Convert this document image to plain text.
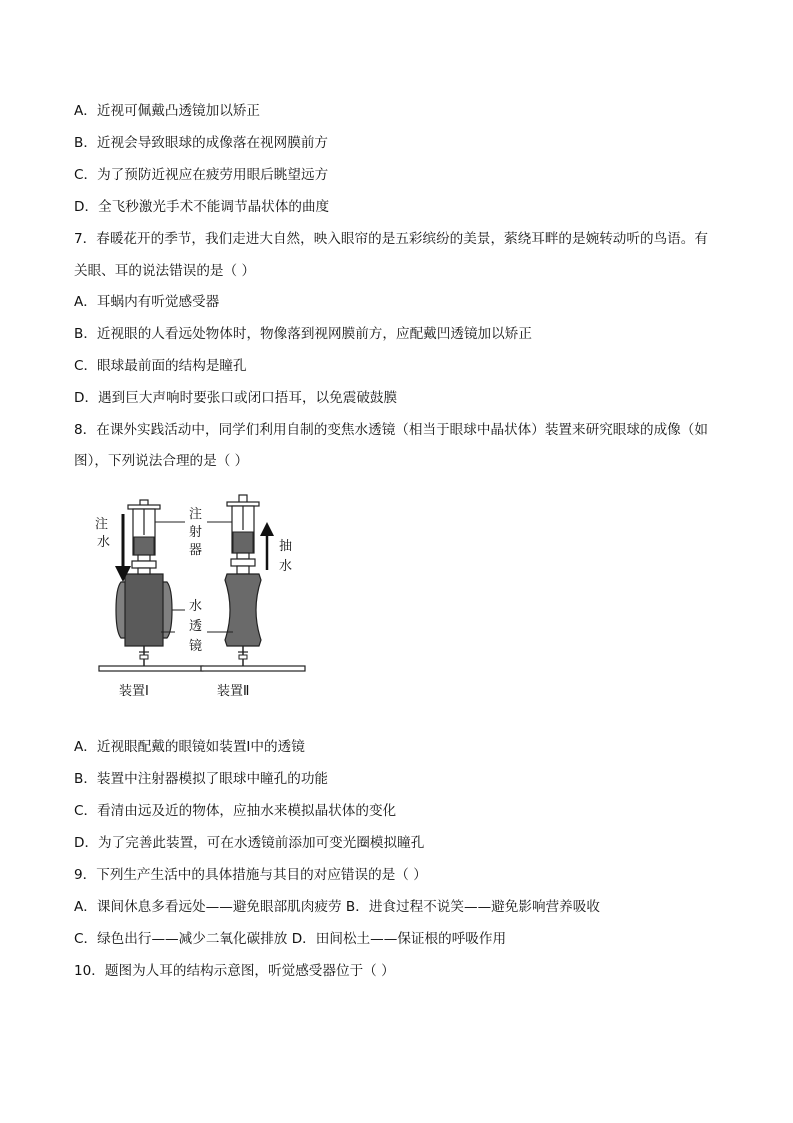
A．近视可佩戴凸透镜加以矫正
B．近视会导致眼球的成像落在视网膜前方
C．为了预防近视应在疲劳用眼后眺望远方
D．全飞秒激光手术不能调节晶状体的曲度
7．春暖花开的季节，我们走进大自然，映入眼帘的是五彩缤纷的美景，萦绕耳畔的是婉转动听的鸟语。有
关眼、耳的说法错误的是（ ）
A．耳蜗内有听觉感受器
B．近视眼的人看远处物体时，物像落到视网膜前方，应配戴凹透镜加以矫正
C．眼球最前面的结构是瞳孔
D．遇到巨大声响时要张口或闭口捂耳，以免震破鼓膜
8．在课外实践活动中，同学们利用自制的变焦水透镜（相当于眼球中晶状体）装置来研究眼球的成像（如
图），下列说法合理的是（ ）
注
水
注
射
器	抽
水
水
透
镜
装置Ⅰ	装置Ⅱ
A．近视眼配戴的眼镜如装置Ⅰ中的透镜
B．装置中注射器模拟了眼球中瞳孔的功能
C．看清由远及近的物体，应抽水来模拟晶状体的变化
D．为了完善此装置，可在水透镜前添加可变光圈模拟瞳孔
9．下列生产生活中的具体措施与其目的对应错误的是（ ）
A．课间休息多看远处——避免眼部肌肉疲劳 B．进食过程不说笑——避免影响营养吸收
C．绿色出行——减少二氧化碳排放 D．田间松土——保证根的呼吸作用
10．题图为人耳的结构示意图，听觉感受器位于（ ）
